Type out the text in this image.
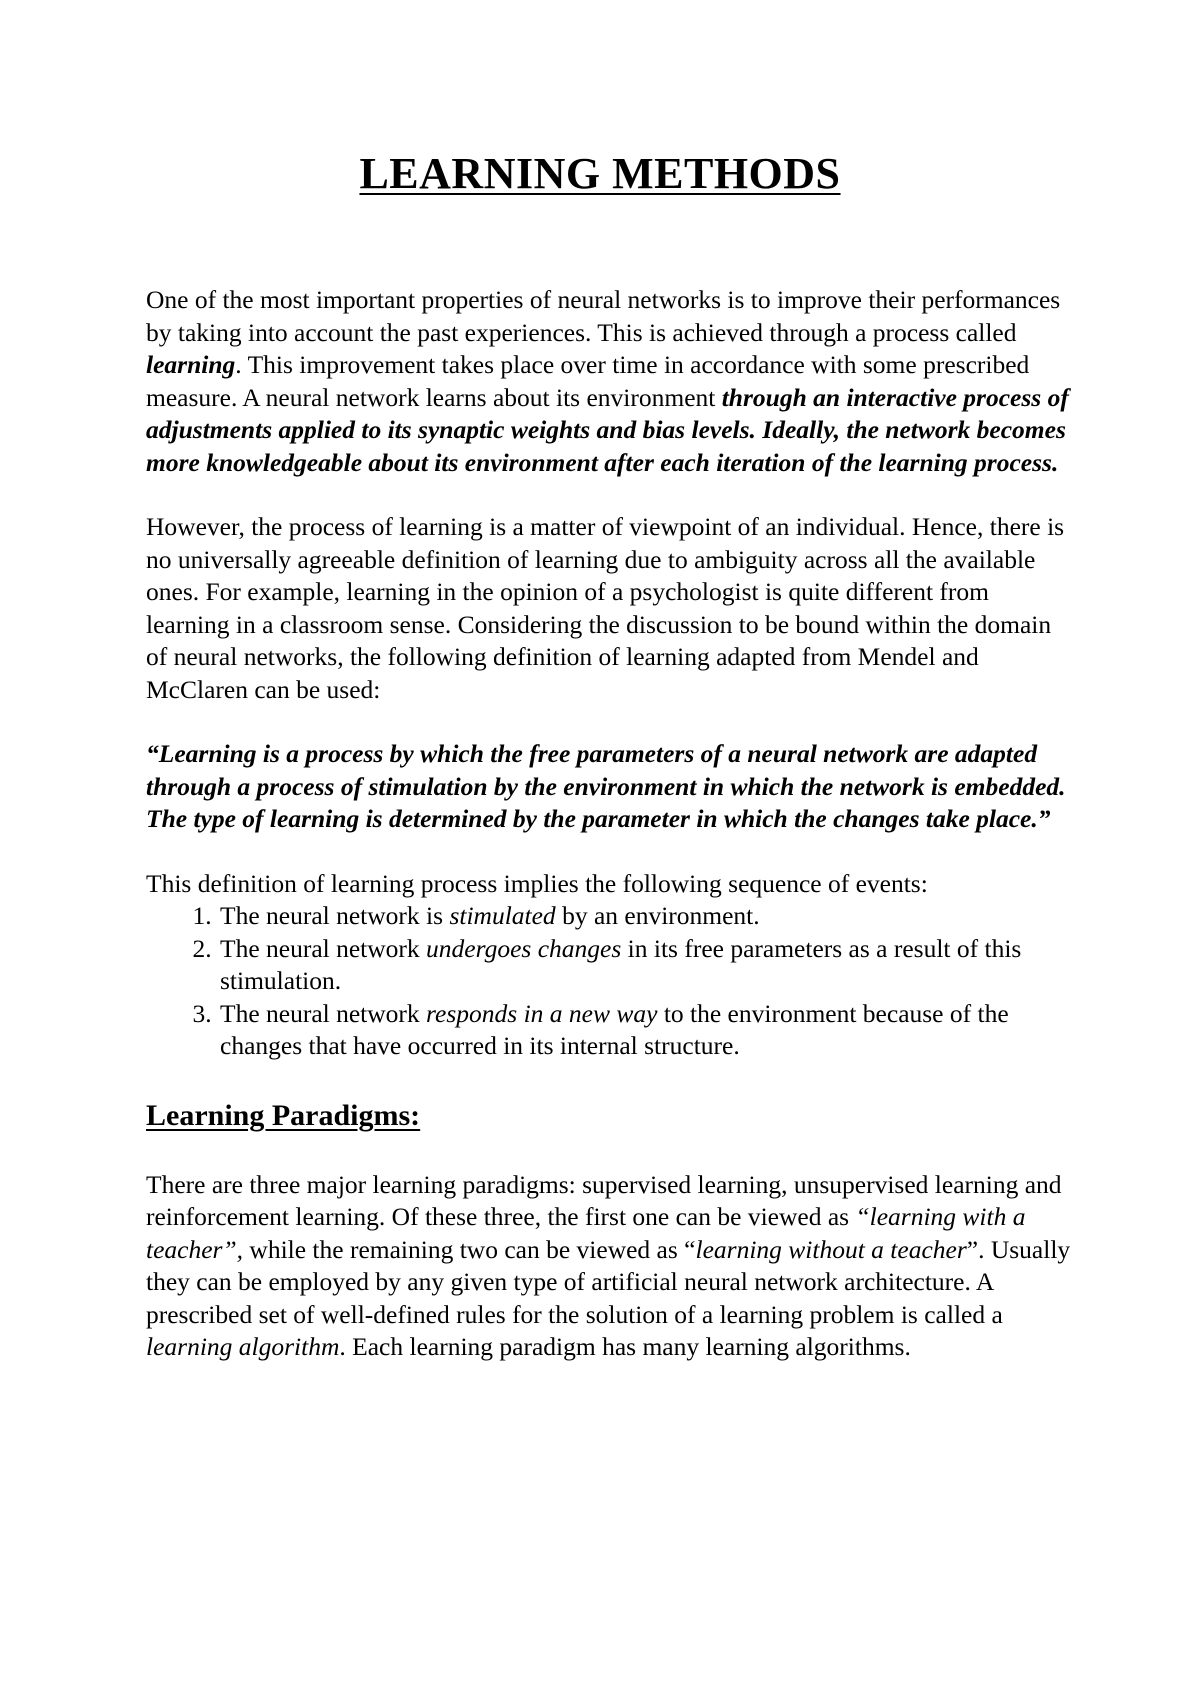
LEARNING METHODS

One of the most important properties of neural networks is to improve their performances by taking into account the past experiences. This is achieved through a process called learning. This improvement takes place over time in accordance with some prescribed measure. A neural network learns about its environment through an interactive process of adjustments applied to its synaptic weights and bias levels. Ideally, the network becomes more knowledgeable about its environment after each iteration of the learning process.

However, the process of learning is a matter of viewpoint of an individual. Hence, there is no universally agreeable definition of learning due to ambiguity across all the available ones. For example, learning in the opinion of a psychologist is quite different from learning in a classroom sense. Considering the discussion to be bound within the domain of neural networks, the following definition of learning adapted from Mendel and McClaren can be used:

“Learning is a process by which the free parameters of a neural network are adapted through a process of stimulation by the environment in which the network is embedded. The type of learning is determined by the parameter in which the changes take place.”

This definition of learning process implies the following sequence of events:

1. The neural network is stimulated by an environment.
2. The neural network undergoes changes in its free parameters as a result of this stimulation.
3. The neural network responds in a new way to the environment because of the changes that have occurred in its internal structure.
Learning Paradigms:

There are three major learning paradigms: supervised learning, unsupervised learning and reinforcement learning. Of these three, the first one can be viewed as “learning with a teacher”, while the remaining two can be viewed as “learning without a teacher”. Usually they can be employed by any given type of artificial neural network architecture. A prescribed set of well-defined rules for the solution of a learning problem is called a learning algorithm. Each learning paradigm has many learning algorithms.
